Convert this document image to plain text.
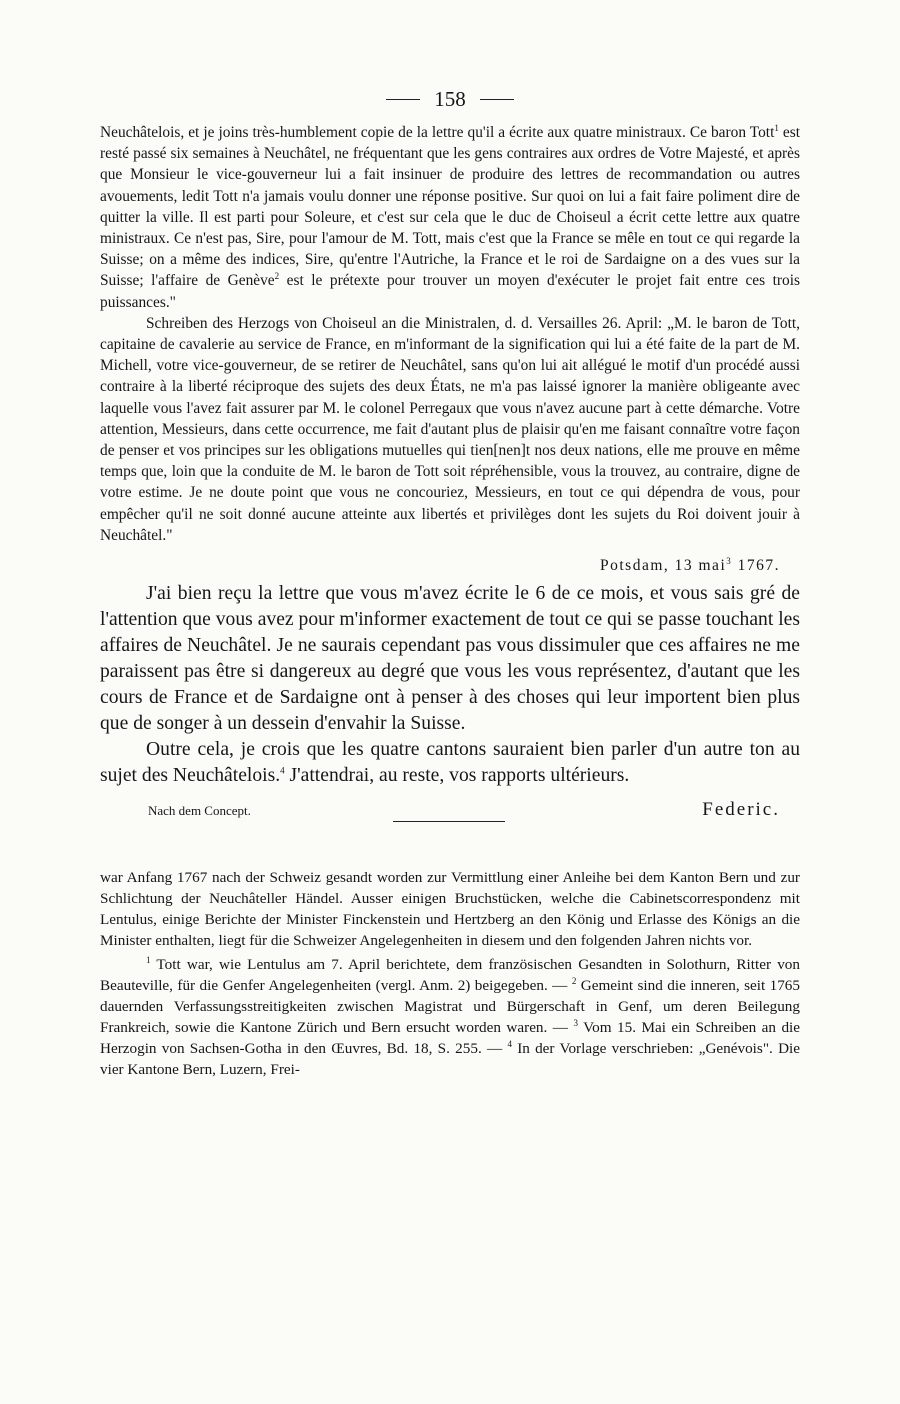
158

Neuchâtelois, et je joins très-humblement copie de la lettre qu'il a écrite aux quatre ministraux. Ce baron Tott$^1$ est resté passé six semaines à Neuchâtel, ne fréquentant que les gens contraires aux ordres de Votre Majesté, et après que Monsieur le vice-gouverneur lui a fait insinuer de produire des lettres de recommandation ou autres avouements, ledit Tott n'a jamais voulu donner une réponse positive. Sur quoi on lui a fait faire poliment dire de quitter la ville. Il est parti pour Soleure, et c'est sur cela que le duc de Choiseul a écrit cette lettre aux quatre ministraux. Ce n'est pas, Sire, pour l'amour de M. Tott, mais c'est que la France se mêle en tout ce qui regarde la Suisse; on a même des indices, Sire, qu'entre l'Autriche, la France et le roi de Sardaigne on a des vues sur la Suisse; l'affaire de Genève$^2$ est le prétexte pour trouver un moyen d'exécuter le projet fait entre ces trois puissances."

Schreiben des Herzogs von Choiseul an die Ministralen, d. d. Versailles 26. April: „M. le baron de Tott, capitaine de cavalerie au service de France, en m'informant de la signification qui lui a été faite de la part de M. Michell, votre vice-gouverneur, de se retirer de Neuchâtel, sans qu'on lui ait allégué le motif d'un procédé aussi contraire à la liberté réciproque des sujets des deux États, ne m'a pas laissé ignorer la manière obligeante avec laquelle vous l'avez fait assurer par M. le colonel Perregaux que vous n'avez aucune part à cette démarche. Votre attention, Messieurs, dans cette occurrence, me fait d'autant plus de plaisir qu'en me faisant connaître votre façon de penser et vos principes sur les obligations mutuelles qui tien[nen]t nos deux nations, elle me prouve en même temps que, loin que la conduite de M. le baron de Tott soit répréhensible, vous la trouvez, au contraire, digne de votre estime. Je ne doute point que vous ne concouriez, Messieurs, en tout ce qui dépendra de vous, pour empêcher qu'il ne soit donné aucune atteinte aux libertés et privilèges dont les sujets du Roi doivent jouir à Neuchâtel."

Potsdam, 13 mai$^3$ 1767.

J'ai bien reçu la lettre que vous m'avez écrite le 6 de ce mois, et vous sais gré de l'attention que vous avez pour m'informer exactement de tout ce qui se passe touchant les affaires de Neuchâtel. Je ne saurais cependant pas vous dissimuler que ces affaires ne me paraissent pas être si dangereux au degré que vous les vous représentez, d'autant que les cours de France et de Sardaigne ont à penser à des choses qui leur importent bien plus que de songer à un dessein d'envahir la Suisse.

Outre cela, je crois que les quatre cantons sauraient bien parler d'un autre ton au sujet des Neuchâtelois.$^4$ J'attendrai, au reste, vos rapports ultérieurs.

Nach dem Concept.	Federic.

war Anfang 1767 nach der Schweiz gesandt worden zur Vermittlung einer Anleihe bei dem Kanton Bern und zur Schlichtung der Neuchâteller Händel. Ausser einigen Bruchstücken, welche die Cabinetscorrespondenz mit Lentulus, einige Berichte der Minister Finckenstein und Hertzberg an den König und Erlasse des Königs an die Minister enthalten, liegt für die Schweizer Angelegenheiten in diesem und den folgenden Jahren nichts vor.

$^1$ Tott war, wie Lentulus am 7. April berichtete, dem französischen Gesandten in Solothurn, Ritter von Beauteville, für die Genfer Angelegenheiten (vergl. Anm. 2) beigegeben. — $^2$ Gemeint sind die inneren, seit 1765 dauernden Verfassungsstreitigkeiten zwischen Magistrat und Bürgerschaft in Genf, um deren Beilegung Frankreich, sowie die Kantone Zürich und Bern ersucht worden waren. — $^3$ Vom 15. Mai ein Schreiben an die Herzogin von Sachsen-Gotha in den Œuvres, Bd. 18, S. 255. — $^4$ In der Vorlage verschrieben: „Genévois". Die vier Kantone Bern, Luzern, Frei-
